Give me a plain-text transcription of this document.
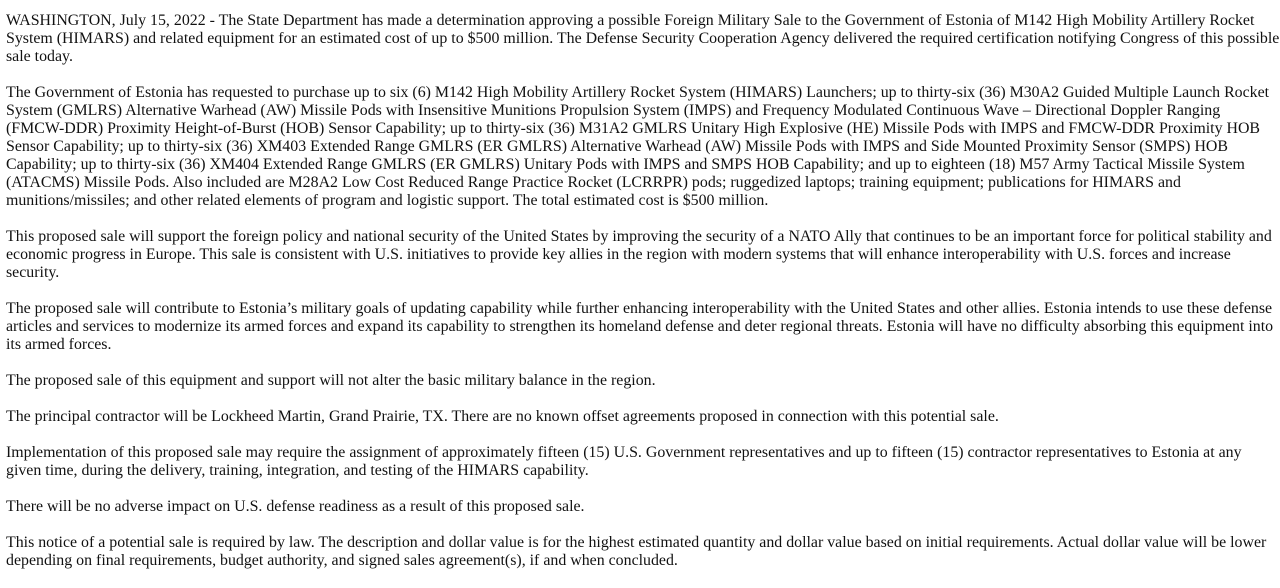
WASHINGTON, July 15, 2022 - The State Department has made a determination approving a possible Foreign Military Sale to the Government of Estonia of M142 High Mobility Artillery Rocket System (HIMARS) and related equipment for an estimated cost of up to $500 million. The Defense Security Cooperation Agency delivered the required certification notifying Congress of this possible sale today.

The Government of Estonia has requested to purchase up to six (6) M142 High Mobility Artillery Rocket System (HIMARS) Launchers; up to thirty-six (36) M30A2 Guided Multiple Launch Rocket System (GMLRS) Alternative Warhead (AW) Missile Pods with Insensitive Munitions Propulsion System (IMPS) and Frequency Modulated Continuous Wave – Directional Doppler Ranging (FMCW-DDR) Proximity Height-of-Burst (HOB) Sensor Capability; up to thirty-six (36) M31A2 GMLRS Unitary High Explosive (HE) Missile Pods with IMPS and FMCW-DDR Proximity HOB Sensor Capability; up to thirty-six (36) XM403 Extended Range GMLRS (ER GMLRS) Alternative Warhead (AW) Missile Pods with IMPS and Side Mounted Proximity Sensor (SMPS) HOB Capability; up to thirty-six (36) XM404 Extended Range GMLRS (ER GMLRS) Unitary Pods with IMPS and SMPS HOB Capability; and up to eighteen (18) M57 Army Tactical Missile System (ATACMS) Missile Pods. Also included are M28A2 Low Cost Reduced Range Practice Rocket (LCRRPR) pods; ruggedized laptops; training equipment; publications for HIMARS and munitions/missiles; and other related elements of program and logistic support. The total estimated cost is $500 million.

This proposed sale will support the foreign policy and national security of the United States by improving the security of a NATO Ally that continues to be an important force for political stability and economic progress in Europe. This sale is consistent with U.S. initiatives to provide key allies in the region with modern systems that will enhance interoperability with U.S. forces and increase security.

The proposed sale will contribute to Estonia’s military goals of updating capability while further enhancing interoperability with the United States and other allies. Estonia intends to use these defense articles and services to modernize its armed forces and expand its capability to strengthen its homeland defense and deter regional threats. Estonia will have no difficulty absorbing this equipment into its armed forces.

The proposed sale of this equipment and support will not alter the basic military balance in the region.

The principal contractor will be Lockheed Martin, Grand Prairie, TX. There are no known offset agreements proposed in connection with this potential sale.

Implementation of this proposed sale may require the assignment of approximately fifteen (15) U.S. Government representatives and up to fifteen (15) contractor representatives to Estonia at any given time, during the delivery, training, integration, and testing of the HIMARS capability.

There will be no adverse impact on U.S. defense readiness as a result of this proposed sale.

This notice of a potential sale is required by law. The description and dollar value is for the highest estimated quantity and dollar value based on initial requirements. Actual dollar value will be lower depending on final requirements, budget authority, and signed sales agreement(s), if and when concluded.
